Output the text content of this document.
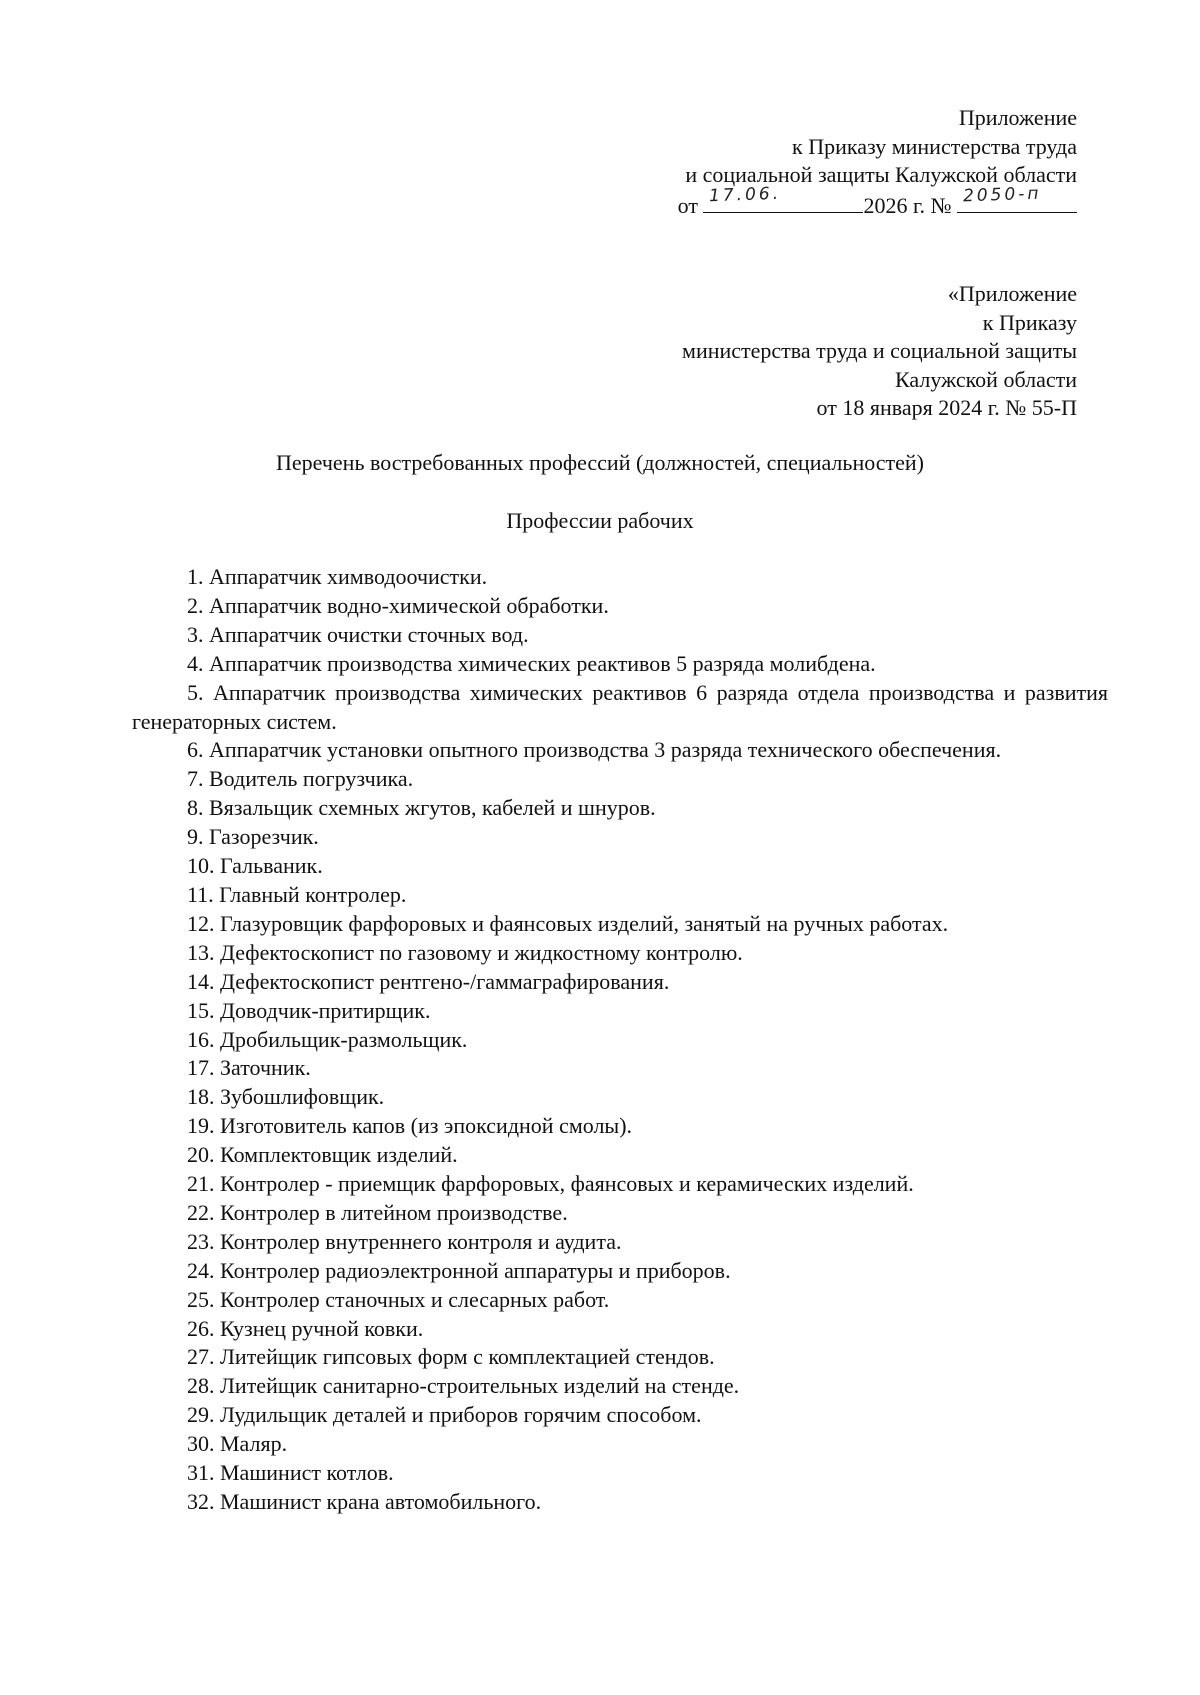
Приложение
к Приказу министерства труда
и социальной защиты Калужской области
от 17.06.	2026 г. № 2050-п
«Приложение
к Приказу
министерства труда и социальной защиты
Калужской области
от 18 января 2024 г. № 55-П
Перечень востребованных профессий (должностей, специальностей)
Профессии рабочих

1. Аппаратчик химводоочистки.

2. Аппаратчик водно-химической обработки.

3. Аппаратчик очистки сточных вод.

4. Аппаратчик производства химических реактивов 5 разряда молибдена.

5. Аппаратчик производства химических реактивов 6 разряда отдела производства и развития генераторных систем.

6. Аппаратчик установки опытного производства 3 разряда технического обеспечения.

7. Водитель погрузчика.

8. Вязальщик схемных жгутов, кабелей и шнуров.

9. Газорезчик.

10. Гальваник.

11. Главный контролер.

12. Глазуровщик фарфоровых и фаянсовых изделий, занятый на ручных работах.

13. Дефектоскопист по газовому и жидкостному контролю.

14. Дефектоскопист рентгено-/гаммаграфирования.

15. Доводчик-притирщик.

16. Дробильщик-размольщик.

17. Заточник.

18. Зубошлифовщик.

19. Изготовитель капов (из эпоксидной смолы).

20. Комплектовщик изделий.

21. Контролер - приемщик фарфоровых, фаянсовых и керамических изделий.

22. Контролер в литейном производстве.

23. Контролер внутреннего контроля и аудита.

24. Контролер радиоэлектронной аппаратуры и приборов.

25. Контролер станочных и слесарных работ.

26. Кузнец ручной ковки.

27. Литейщик гипсовых форм с комплектацией стендов.

28. Литейщик санитарно-строительных изделий на стенде.

29. Лудильщик деталей и приборов горячим способом.

30. Маляр.

31. Машинист котлов.

32. Машинист крана автомобильного.
